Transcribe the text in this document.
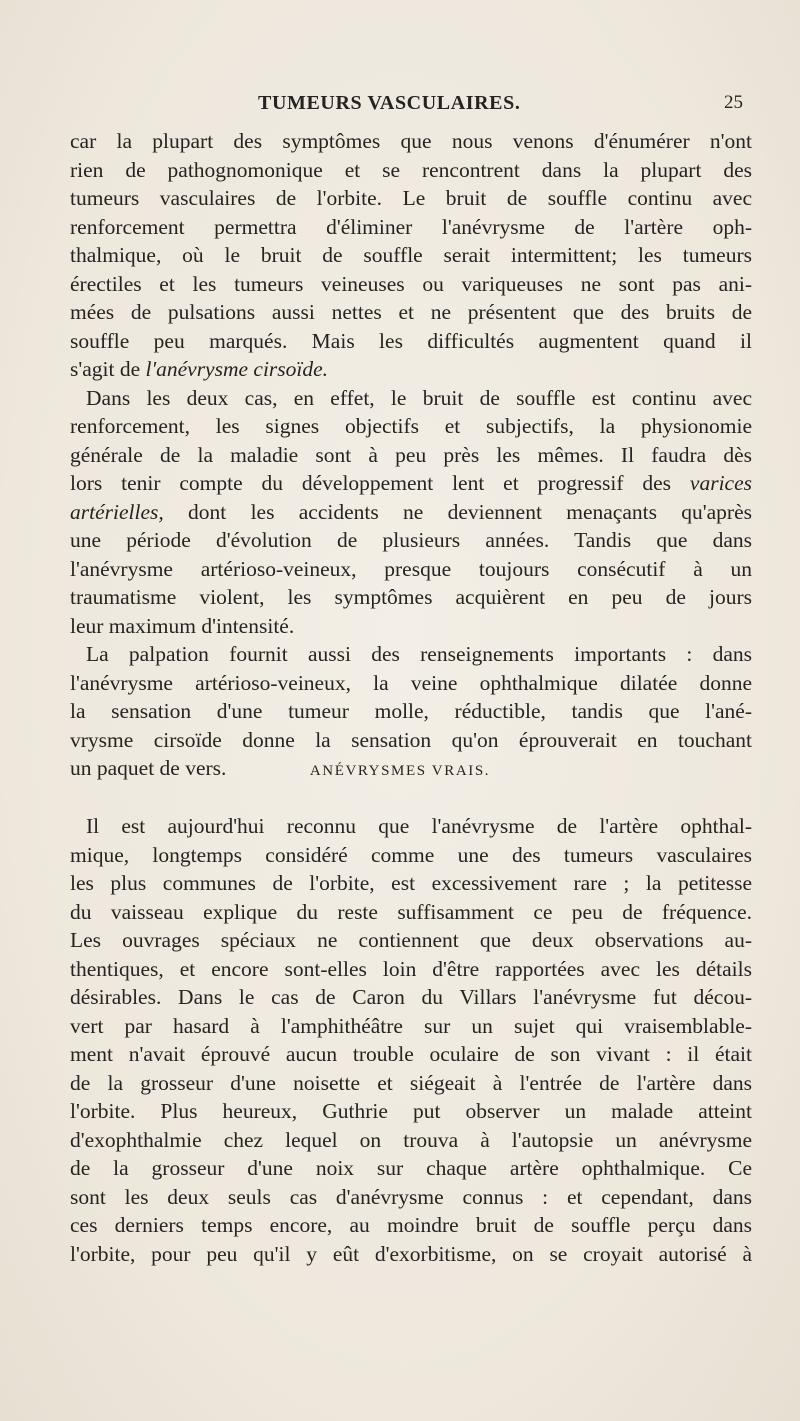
TUMEURS VASCULAIRES.	25
car la plupart des symptômes que nous venons d'énumérer n'ont
rien de pathognomonique et se rencontrent dans la plupart des
tumeurs vasculaires de l'orbite. Le bruit de souffle continu avec
renforcement permettra d'éliminer l'anévrysme de l'artère oph-
thalmique, où le bruit de souffle serait intermittent; les tumeurs
érectiles et les tumeurs veineuses ou variqueuses ne sont pas ani-
mées de pulsations aussi nettes et ne présentent que des bruits de
souffle peu marqués. Mais les difficultés augmentent quand il
s'agit de l'anévrysme cirsoïde.
Dans les deux cas, en effet, le bruit de souffle est continu avec
renforcement, les signes objectifs et subjectifs, la physionomie
générale de la maladie sont à peu près les mêmes. Il faudra dès
lors tenir compte du développement lent et progressif des varices
artérielles, dont les accidents ne deviennent menaçants qu'après
une période d'évolution de plusieurs années. Tandis que dans
l'anévrysme artérioso-veineux, presque toujours consécutif à un
traumatisme violent, les symptômes acquièrent en peu de jours
leur maximum d'intensité.
La palpation fournit aussi des renseignements importants : dans
l'anévrysme artérioso-veineux, la veine ophthalmique dilatée donne
la sensation d'une tumeur molle, réductible, tandis que l'ané-
vrysme cirsoïde donne la sensation qu'on éprouverait en touchant
un paquet de vers.	ANÉVRYSMES VRAIS.
Il est aujourd'hui reconnu que l'anévrysme de l'artère ophthal-
mique, longtemps considéré comme une des tumeurs vasculaires
les plus communes de l'orbite, est excessivement rare ; la petitesse
du vaisseau explique du reste suffisamment ce peu de fréquence.
Les ouvrages spéciaux ne contiennent que deux observations au-
thentiques, et encore sont-elles loin d'être rapportées avec les détails
désirables. Dans le cas de Caron du Villars l'anévrysme fut décou-
vert par hasard à l'amphithéâtre sur un sujet qui vraisemblable-
ment n'avait éprouvé aucun trouble oculaire de son vivant : il était
de la grosseur d'une noisette et siégeait à l'entrée de l'artère dans
l'orbite. Plus heureux, Guthrie put observer un malade atteint
d'exophthalmie chez lequel on trouva à l'autopsie un anévrysme
de la grosseur d'une noix sur chaque artère ophthalmique. Ce
sont les deux seuls cas d'anévrysme connus : et cependant, dans
ces derniers temps encore, au moindre bruit de souffle perçu dans
l'orbite, pour peu qu'il y eût d'exorbitisme, on se croyait autorisé à
